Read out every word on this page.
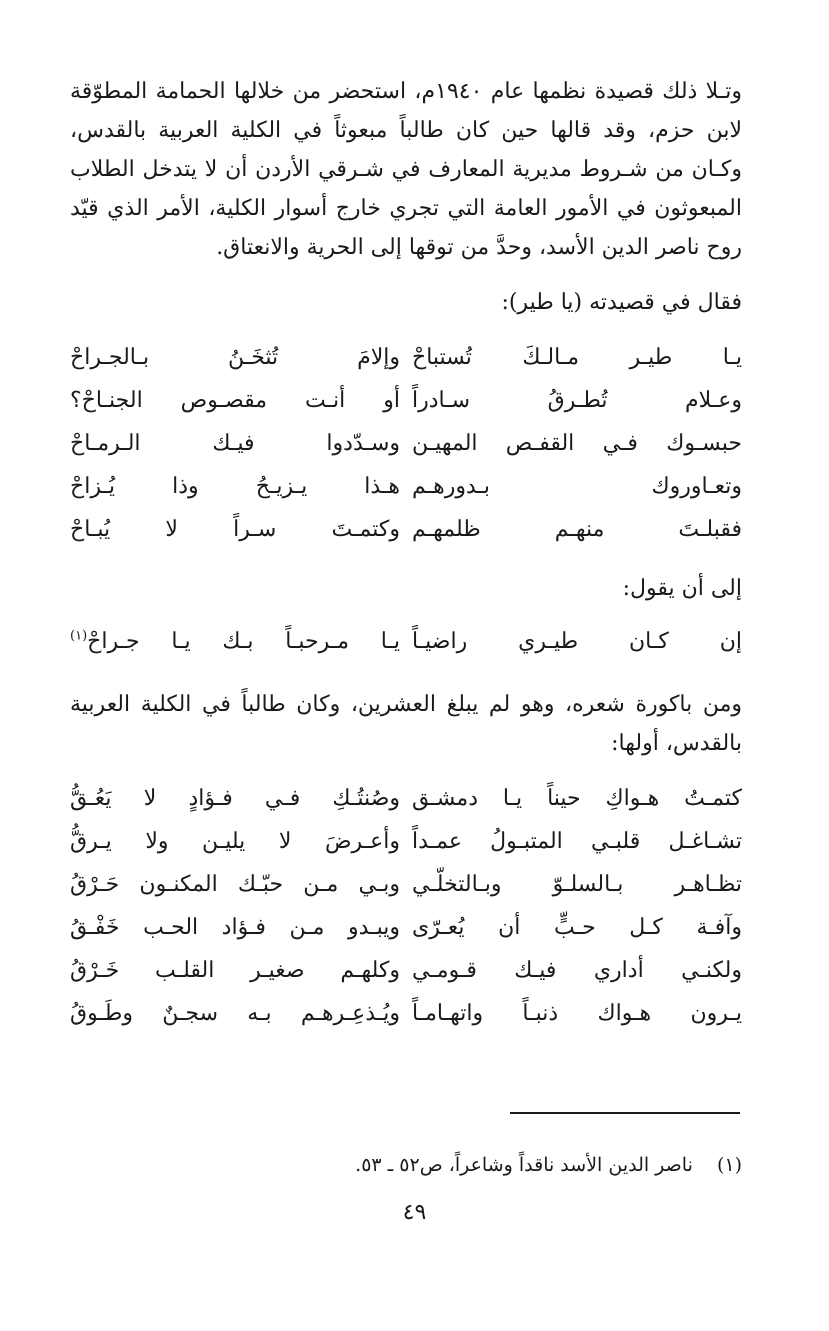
وتـلا ذلك قصيدة نظمها عام ١٩٤٠م، استحضر من خلالها الحمامة المطوّقة لابن حزم، وقد قالها حين كان طالباً مبعوثاً في الكلية العربية بالقدس، وكـان من شـروط مديرية المعارف في شـرقي الأردن أن لا يتدخل الطلاب المبعوثون في الأمور العامة التي تجري خارج أسوار الكلية، الأمر الذي قيّد روح ناصر الدين الأسد، وحدَّ من توقها إلى الحرية والانعتاق.

فقال في قصيدته (يا طير):

يـا طيـر مـالـكَ تُستباحْ
وإلامَ تُثخَـنُ بـالجـراحْ
وعـلام تُطـرقُ سـادراً
أو أنـت مقصـوص الجنـاحْ؟
حبسـوك فـي القفـص المهيـن
وسـدّدوا فيـك الـرمـاحْ
وتعـاوروك بـدورهـم
هـذا يـزيـحُ وذا يُـزاحْ
فقبلـتَ منهـم ظلمهـم
وكتمـتَ سـراً لا يُبـاحْ

إلى أن يقول:

إن كـان طيـري راضيـاً
يـا مـرحبـاً بـك يـا جـراحْ$^{(١)}$

ومن باكورة شعره، وهو لم يبلغ العشرين، وكان طالباً في الكلية العربية بالقدس، أولها:

كتمـتُ هـواكِ حيناً يـا دمشـق
وصُنتُـكِ فـي فـؤادٍ لا يَعُـقُّ
تشـاغـل قلبـي المتبـولُ عمـداً
وأعـرضَ لا يليـن ولا يـرقُّ
تظـاهـر بـالسلـوّ وبـالتخلّـي
وبـي مـن حبّـك المكنـون حَـرْقُ
وآفـة كـل حـبٍّ أن يُعـرّى
ويبـدو مـن فـؤاد الحـب خَفْـقُ
ولكنـي أداري فيـك قـومـي
وكلهـم صغيـر القلـب خَـرْقُ
يـرون هـواك ذنبـاً واتهـامـاً
ويُـذعِـرهـم بـه سجـنٌ وطَـوقُ
(١) ناصر الدين الأسد ناقداً وشاعراً، ص٥٢ ـ ٥٣.
٤٩
